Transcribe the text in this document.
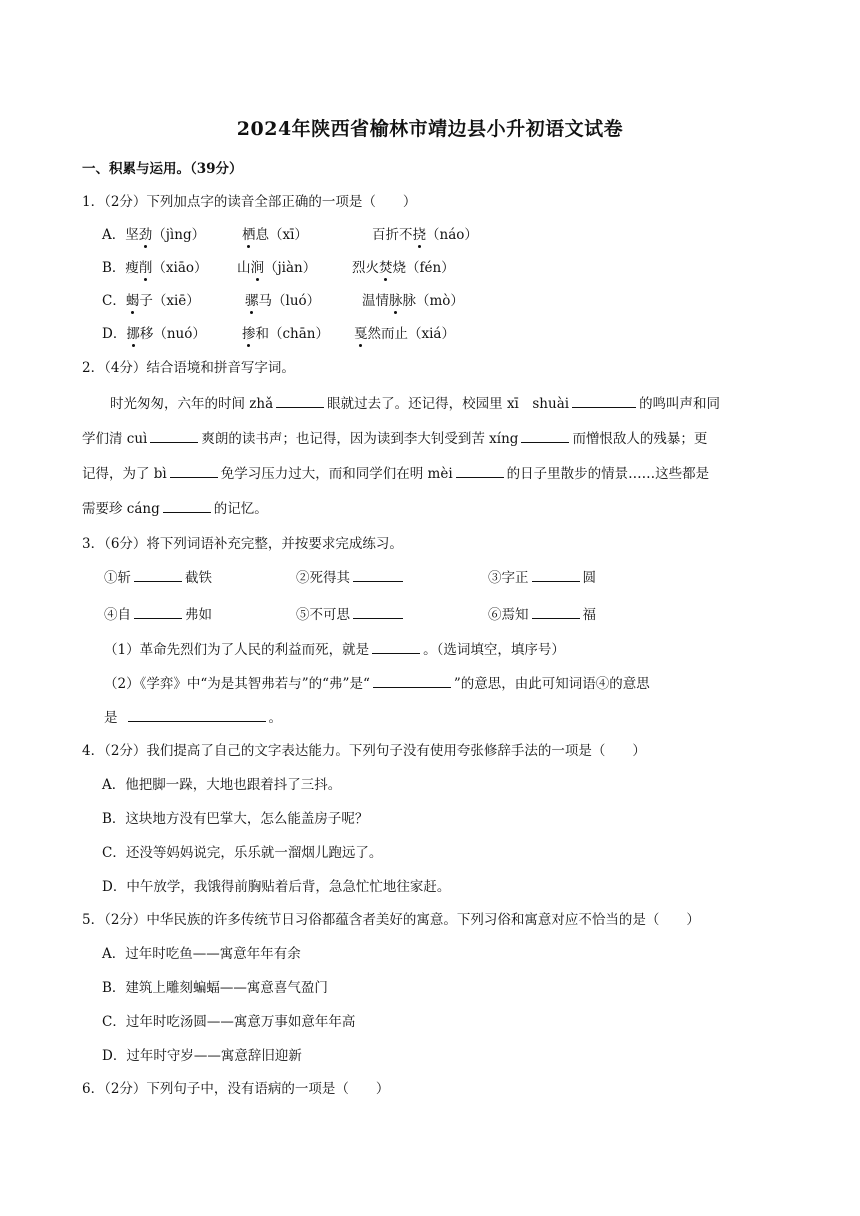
2024年陕西省榆林市靖边县小升初语文试卷
一、积累与运用。（39分）
1．（2分）下列加点字的读音全部正确的一项是（　　）
A．坚劲（jìng）	栖息（xī）	百折不挠（náo）
B．瘦削（xiāo） 山涧（jiàn）	烈火焚烧（fén）
C．蝎子（xiē）	骡马（luó）	温情脉脉（mò）
D．挪移（nuó）	掺和（chān） 戛然而止（xiá）
2．（4分）结合语境和拼音写字词。
时光匆匆，六年的时间 zhǎ	眼就过去了。还记得，校园里 xī　shuài	的鸣叫声和同
学们清 cuì	爽朗的读书声；也记得，因为读到李大钊受到苦 xíng	而憎恨敌人的残暴；更
记得，为了 bì	免学习压力过大，而和同学们在明 mèi	的日子里散步的情景……这些都是
需要珍 cáng	的记忆。
3．（6分）将下列词语补充完整，并按要求完成练习。
①斩	截铁	②死得其	③字正	圆
④自	弗如	⑤不可思	⑥焉知	福
（1）革命先烈们为了人民的利益而死，就是	。（选词填空，填序号）
（2）《学弈》中“为是其智弗若与”的“弗”是“	”的意思，由此可知词语④的意思
是	。
4．（2分）我们提高了自己的文字表达能力。下列句子没有使用夸张修辞手法的一项是（　　）
A．他把脚一跺，大地也跟着抖了三抖。
B．这块地方没有巴掌大，怎么能盖房子呢？
C．还没等妈妈说完，乐乐就一溜烟儿跑远了。
D．中午放学，我饿得前胸贴着后背，急急忙忙地往家赶。
5．（2分）中华民族的许多传统节日习俗都蕴含者美好的寓意。下列习俗和寓意对应不恰当的是（　　）
A．过年时吃鱼——寓意年年有余
B．建筑上雕刻蝙蝠——寓意喜气盈门
C．过年时吃汤圆——寓意万事如意年年高
D．过年时守岁——寓意辞旧迎新
6．（2分）下列句子中，没有语病的一项是（　　）
